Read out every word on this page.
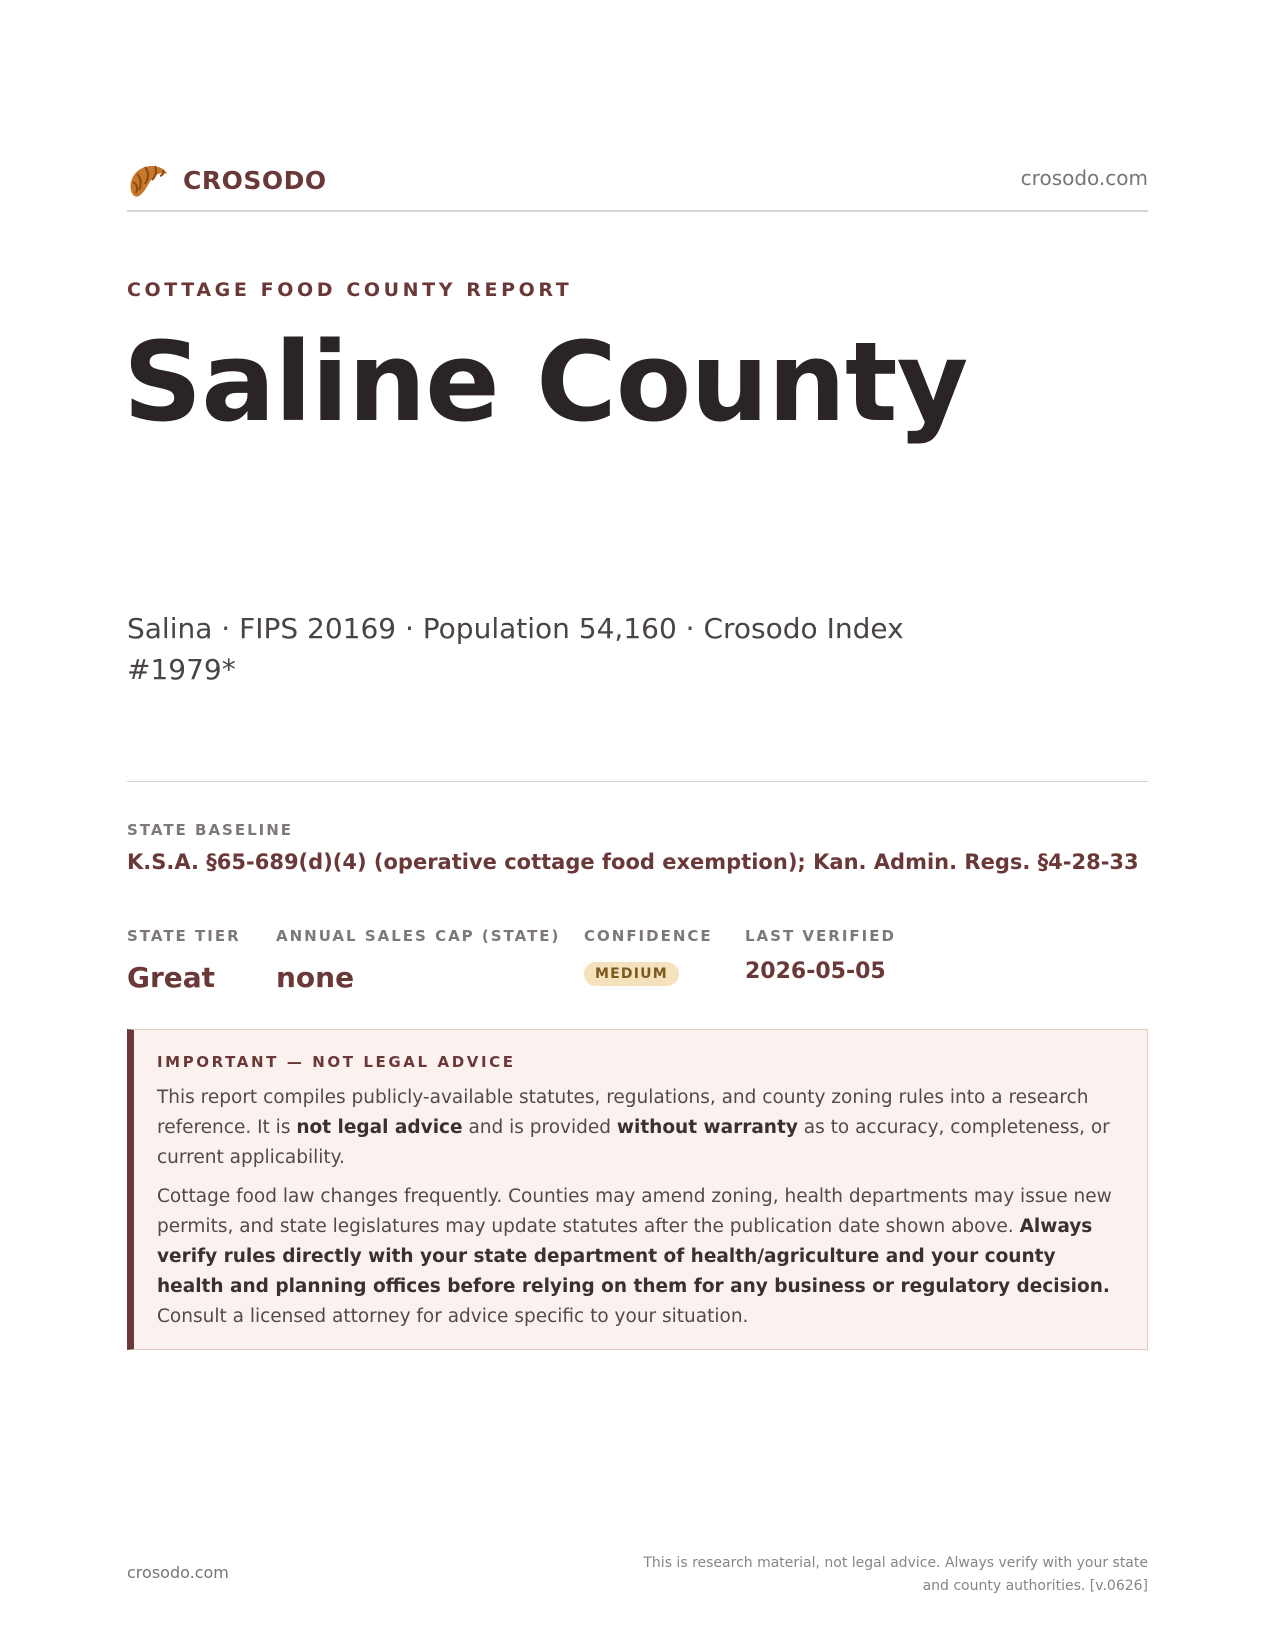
CROSODO	crosodo.com
COTTAGE FOOD COUNTY REPORT
Saline County
Salina · FIPS 20169 · Population 54,160 · Crosodo Index #1979*
STATE BASELINE
K.S.A. §65-689(d)(4) (operative cottage food exemption); Kan. Admin. Regs. §4-28-33
STATE TIER
Great
ANNUAL SALES CAP (STATE)
none
CONFIDENCE
MEDIUM
LAST VERIFIED
2026-05-05
IMPORTANT — NOT LEGAL ADVICE

This report compiles publicly-available statutes, regulations, and county zoning rules into a research reference. It is not legal advice and is provided without warranty as to accuracy, completeness, or current applicability.

Cottage food law changes frequently. Counties may amend zoning, health departments may issue new permits, and state legislatures may update statutes after the publication date shown above. Always verify rules directly with your state department of health/agriculture and your county health and planning offices before relying on them for any business or regulatory decision. Consult a licensed attorney for advice specific to your situation.

crosodo.com	This is research material, not legal advice. Always verify with your state
and county authorities. [v.0626]
